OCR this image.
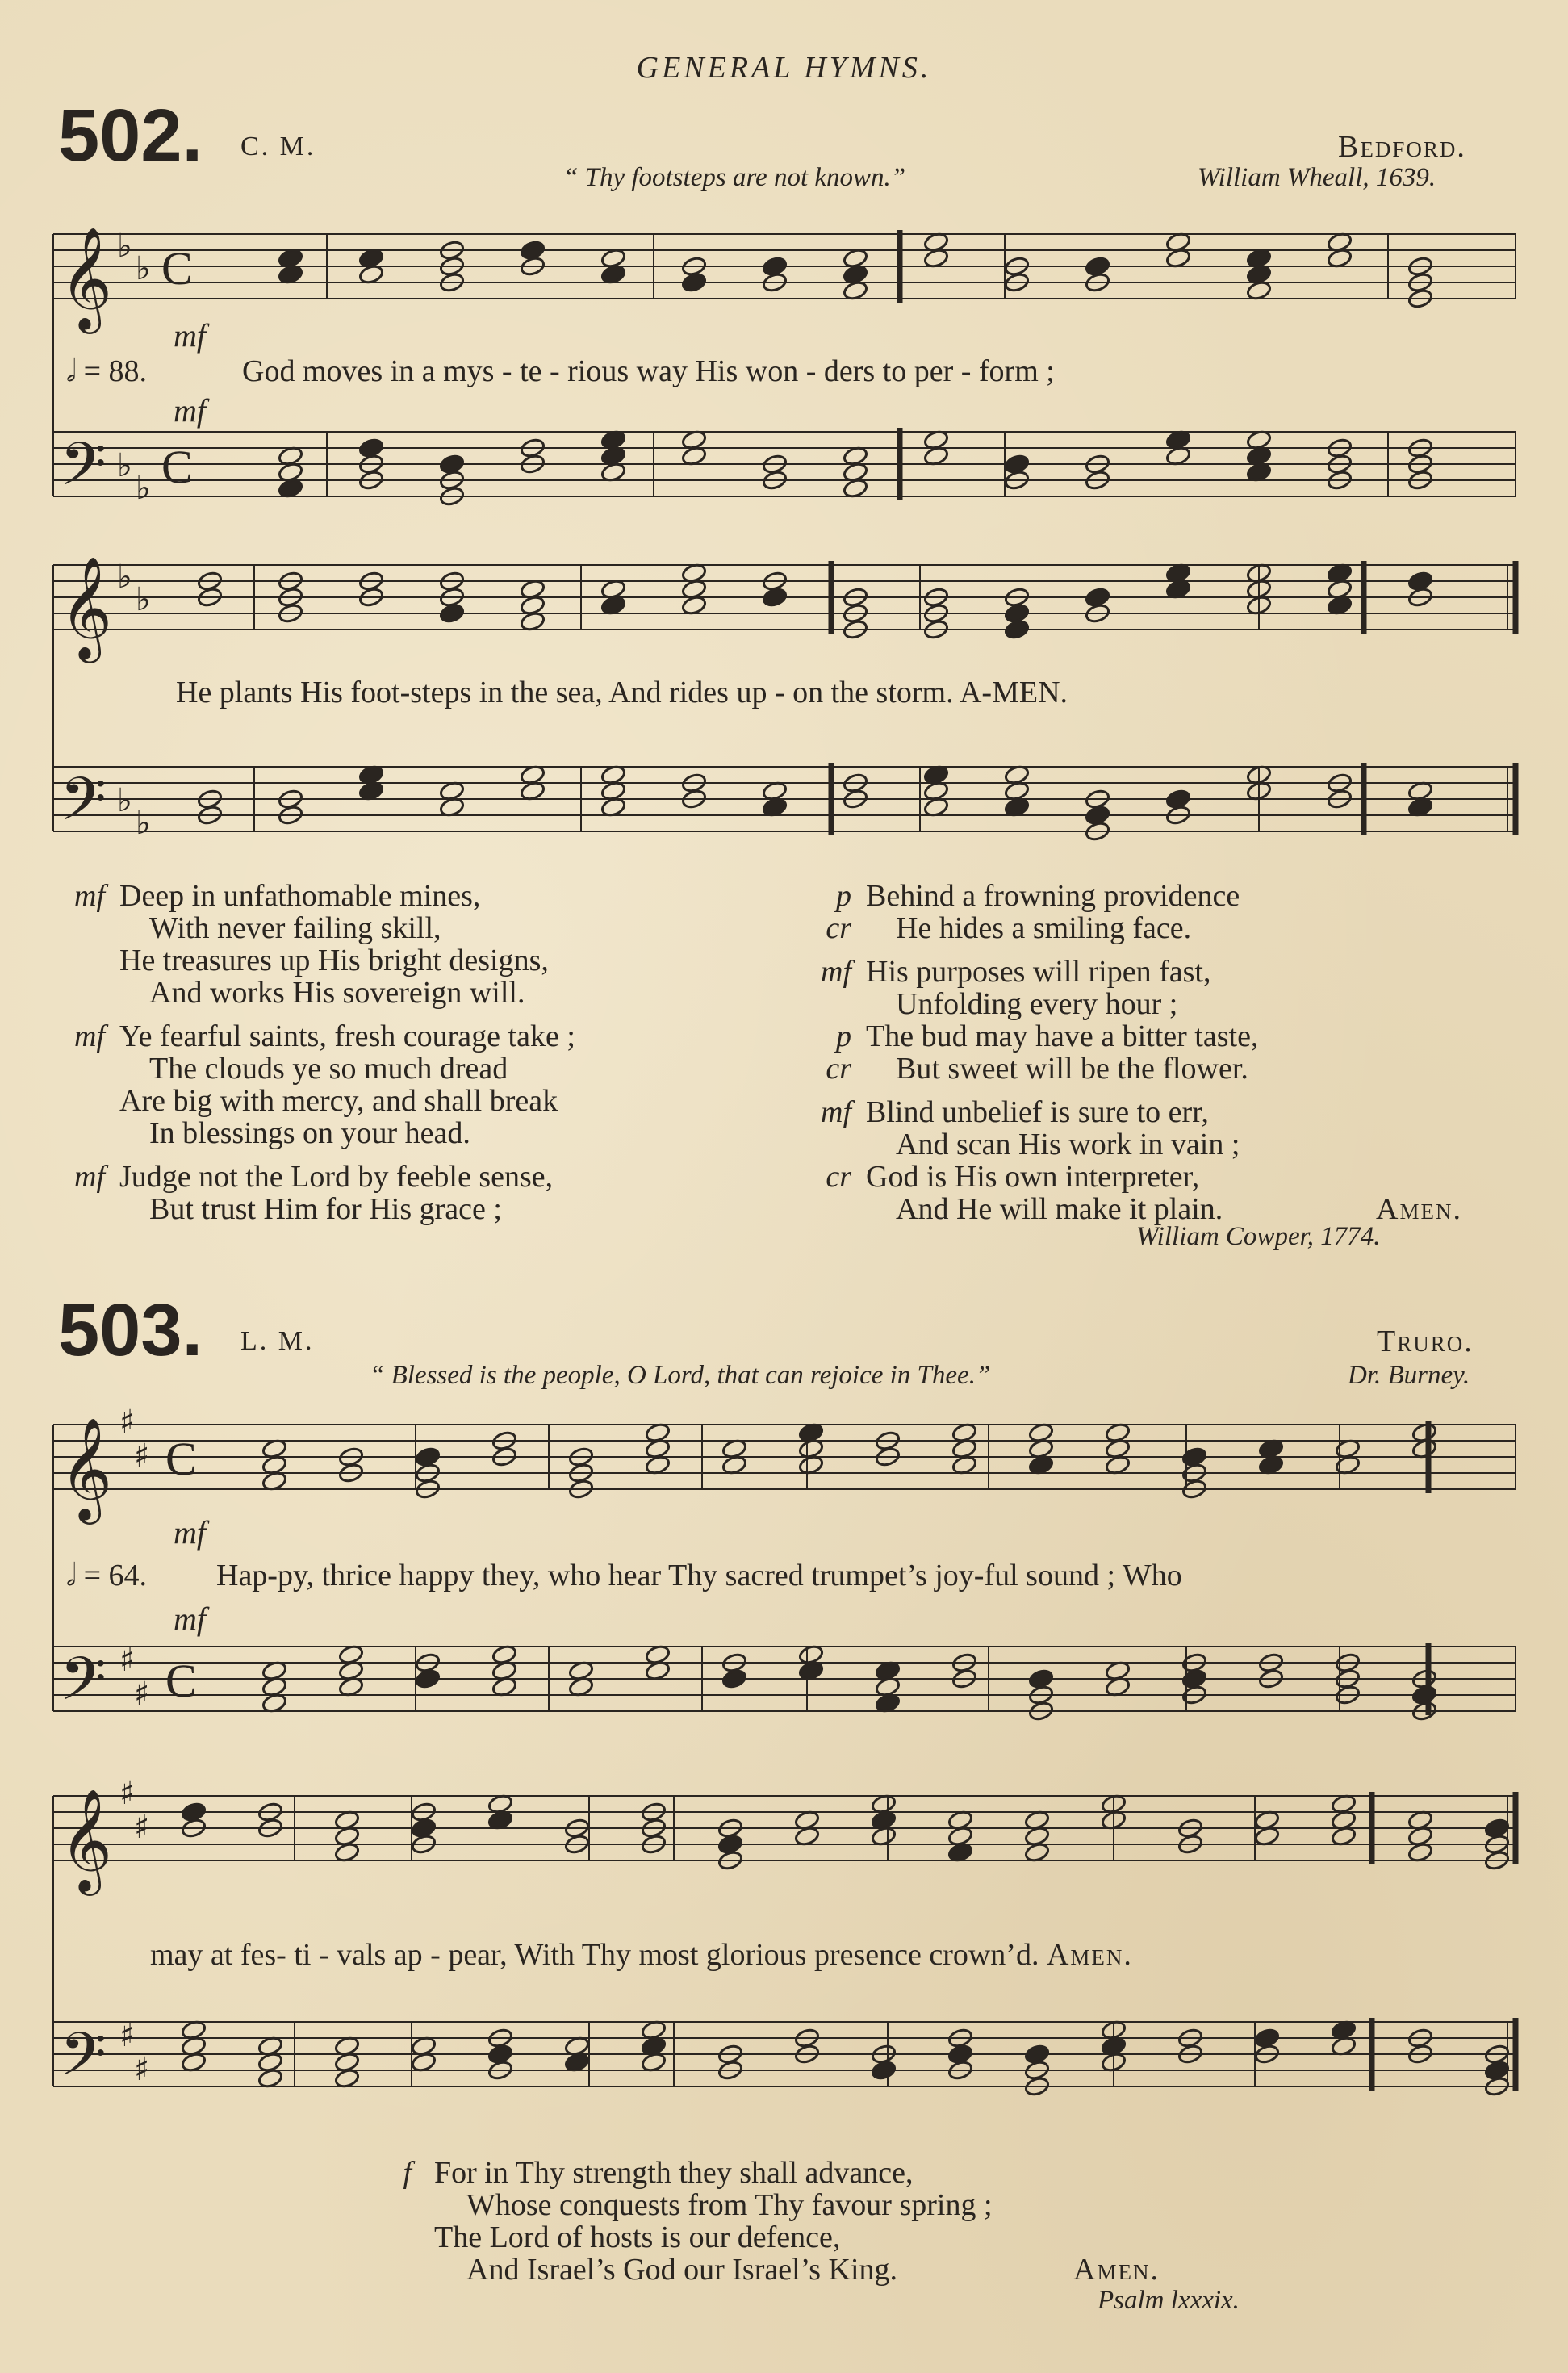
GENERAL HYMNS.
502. C. M.	Bedford.
“ Thy footsteps are not known.”	William Wheall, 1639.
𝄞
𝄢
𝄞
𝄢
♭
♭
♭
♭
♭
♭
♭
♭
C
C
mf
𝅗𝅥 = 88.	God moves in a mys - te - rious way His won - ders to per - form ;
mf
He plants His foot-steps in the sea, And rides up - on the storm. A-MEN.
mf Deep in unfathomable mines,
With never failing skill,
He treasures up His bright designs,
And works His sovereign will.
mf Ye fearful saints, fresh courage take ;
The clouds ye so much dread
Are big with mercy, and shall break
In blessings on your head.
mf Judge not the Lord by feeble sense,
But trust Him for His grace ;
p Behind a frowning providence
cr He hides a smiling face.
mf His purposes will ripen fast,
Unfolding every hour ;
p The bud may have a bitter taste,
cr But sweet will be the flower.
mf Blind unbelief is sure to err,
And scan His work in vain ;
cr God is His own interpreter,
And He will make it plain.	Amen.
William Cowper, 1774.
503. L. M.	Truro.
“ Blessed is the people, O Lord, that can rejoice in Thee.”	Dr. Burney.
𝄞
𝄢
𝄞
𝄢
♯
♯
♯
♯
♯
♯
♯
♯
C
C
mf
𝅗𝅥 = 64. Hap-py, thrice happy they, who hear Thy sacred trumpet’s joy-ful sound ; Who
mf
may at fes- ti - vals ap - pear, With Thy most glorious presence crown’d. Amen.
f For in Thy strength they shall advance,
Whose conquests from Thy favour spring ;
The Lord of hosts is our defence,
And Israel’s God our Israel’s King.	Amen.
Psalm lxxxix.
